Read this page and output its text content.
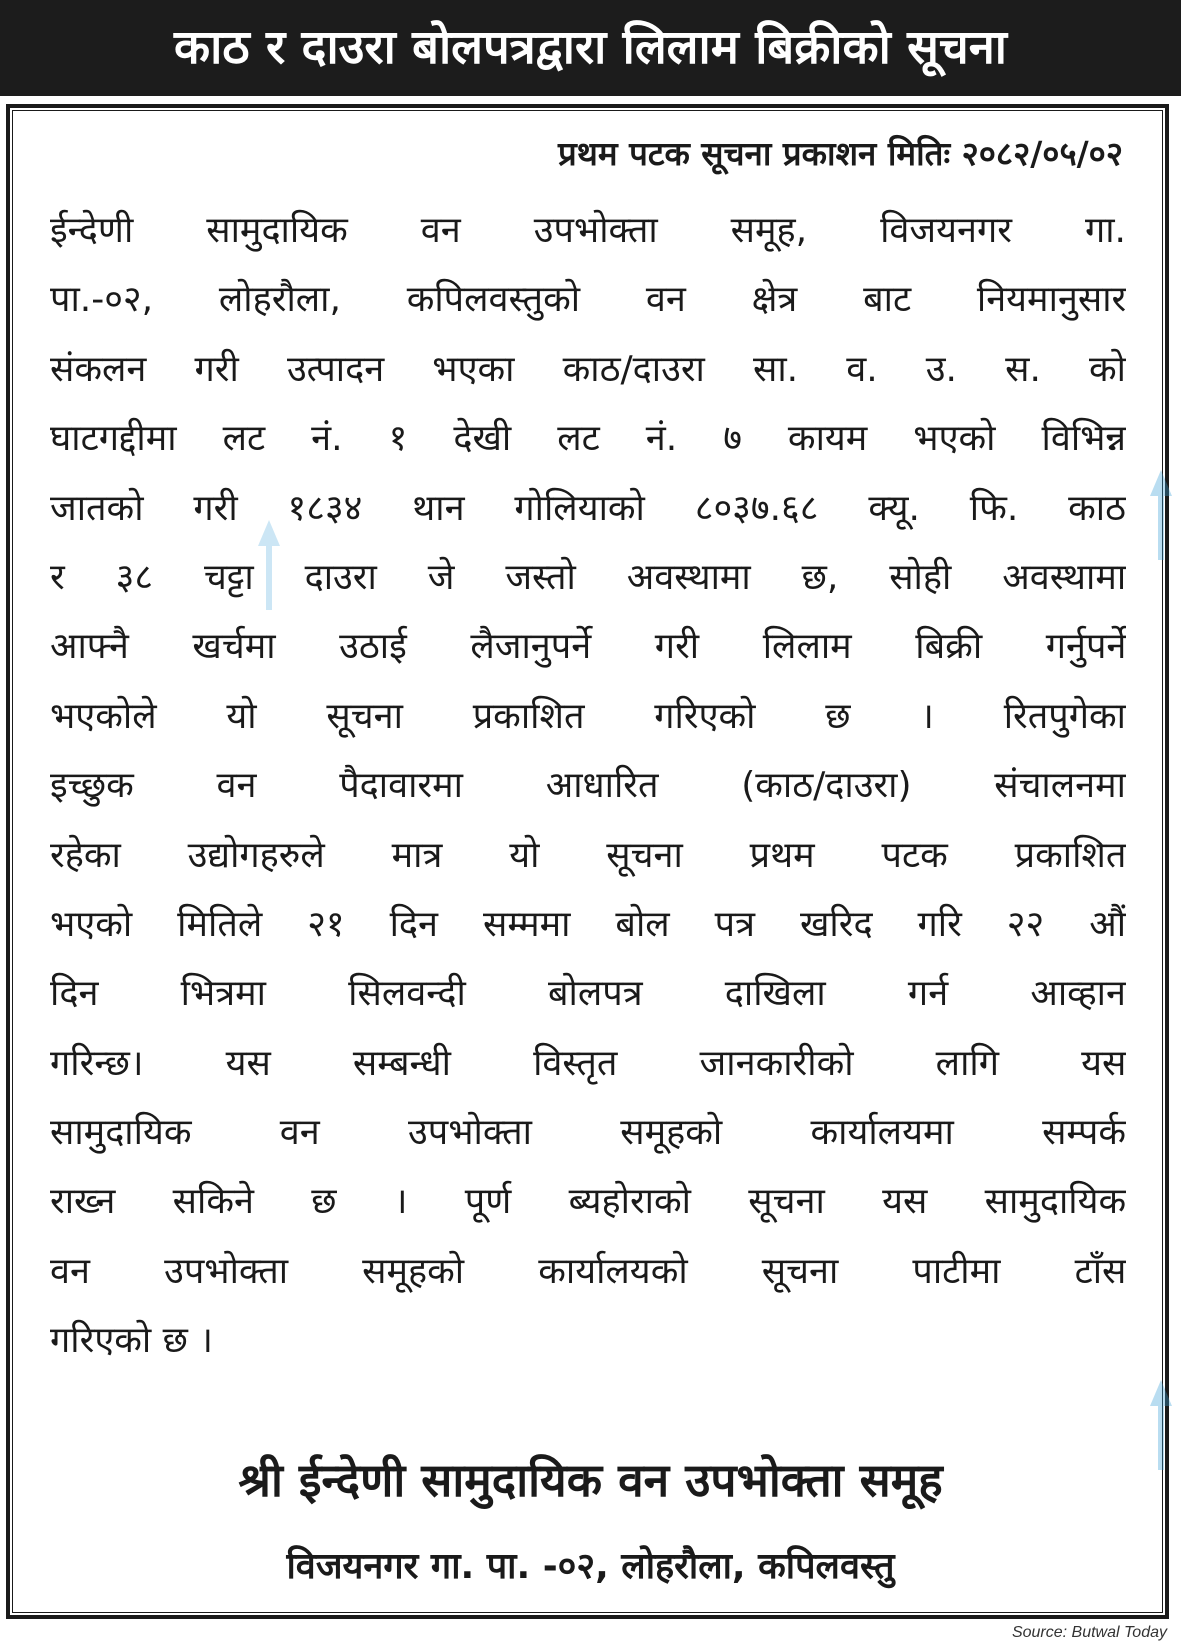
काठ र दाउरा बोलपत्रद्वारा लिलाम बिक्रीको सूचना
प्रथम पटक सूचना प्रकाशन मितिः २०८२/०५/०२
ईन्देणी सामुदायिक वन उपभोक्ता समूह, विजयनगर गा.
पा.-०२, लोहरौला, कपिलवस्तुको वन क्षेत्र बाट नियमानुसार
संकलन गरी उत्पादन भएका काठ/दाउरा सा. व. उ. स. को
घाटगद्दीमा लट नं. १ देखी लट नं. ७ कायम भएको विभिन्न
जातको गरी १८३४ थान गोलियाको ८०३७.६८ क्यू. फि. काठ
र ३८ चट्टा दाउरा जे जस्तो अवस्थामा छ, सोही अवस्थामा
आफ्नै खर्चमा उठाई लैजानुपर्ने गरी लिलाम बिक्री गर्नुपर्ने
भएकोले यो सूचना प्रकाशित गरिएको छ । रितपुगेका
इच्छुक वन पैदावारमा आधारित (काठ/दाउरा) संचालनमा
रहेका उद्योगहरुले मात्र यो सूचना प्रथम पटक प्रकाशित
भएको मितिले २१ दिन सम्ममा बोल पत्र खरिद गरि २२ औं
दिन भित्रमा सिलवन्दी बोलपत्र दाखिला गर्न आव्हान
गरिन्छ। यस सम्बन्धी विस्तृत जानकारीको लागि यस
सामुदायिक वन उपभोक्ता समूहको कार्यालयमा सम्पर्क
राख्न सकिने छ । पूर्ण ब्यहोराको सूचना यस सामुदायिक
वन उपभोक्ता समूहको कार्यालयको सूचना पाटीमा टाँस
गरिएको छ ।
श्री ईन्देणी सामुदायिक वन उपभोक्ता समूह
विजयनगर गा. पा. -०२, लोहरौला, कपिलवस्तु
Source: Butwal Today
